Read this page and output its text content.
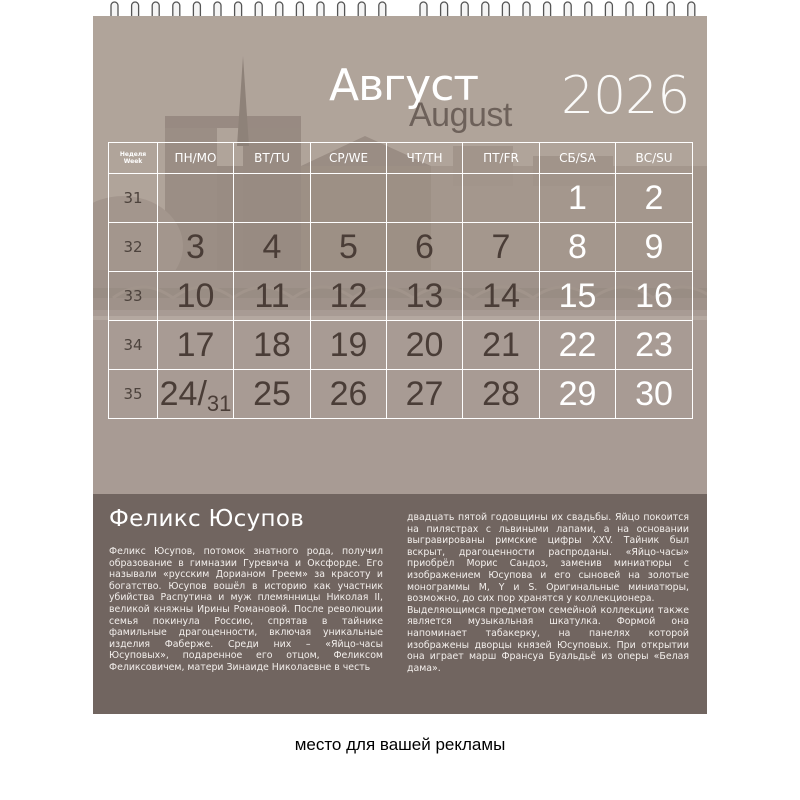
Август
August 2026
Неделя
Week	ПН/MO	ВТ/TU	СР/WE	ЧТ/TH	ПТ/FR	СБ/SA	ВС/SU
31						1	2
32	3	4	5	6	7	8	9
33	10	11	12	13	14	15	16
34	17	18	19	20	21	22	23
35	24/31	25	26	27	28	29	30
Феликс Юсупов

Феликс Юсупов, потомок знатного рода, получил образование в гимназии Гуревича и Оксфорде. Его называли «русским Дорианом Греем» за красоту и богатство. Юсупов вошёл в историю как участник убийства Распутина и муж племянницы Николая II, великой княжны Ирины Романовой. После революции семья покинула Россию, спрятав в тайнике фамильные драгоценности, включая уникальные изделия Фаберже. Среди них – «Яйцо-часы Юсуповых», подаренное его отцом, Феликсом Феликсовичем, матери Зинаиде Николаевне в честь

двадцать пятой годовщины их свадьбы. Яйцо покоится на пилястрах с львиными лапами, а на основании выгравированы римские цифры XXV. Тайник был вскрыт, драгоценности распроданы. «Яйцо-часы» приобрёл Морис Сандоз, заменив миниатюры с изображением Юсупова и его сыновей на золотые монограммы M, Y и S. Оригинальные миниатюры, возможно, до сих пор хранятся у коллекционера.

Выделяющимся предметом семейной коллекции также является музыкальная шкатулка. Формой она напоминает табакерку, на панелях которой изображены дворцы князей Юсуповых. При открытии она играет марш Франсуа Буальдьё из оперы «Белая дама».

место для вашей рекламы
